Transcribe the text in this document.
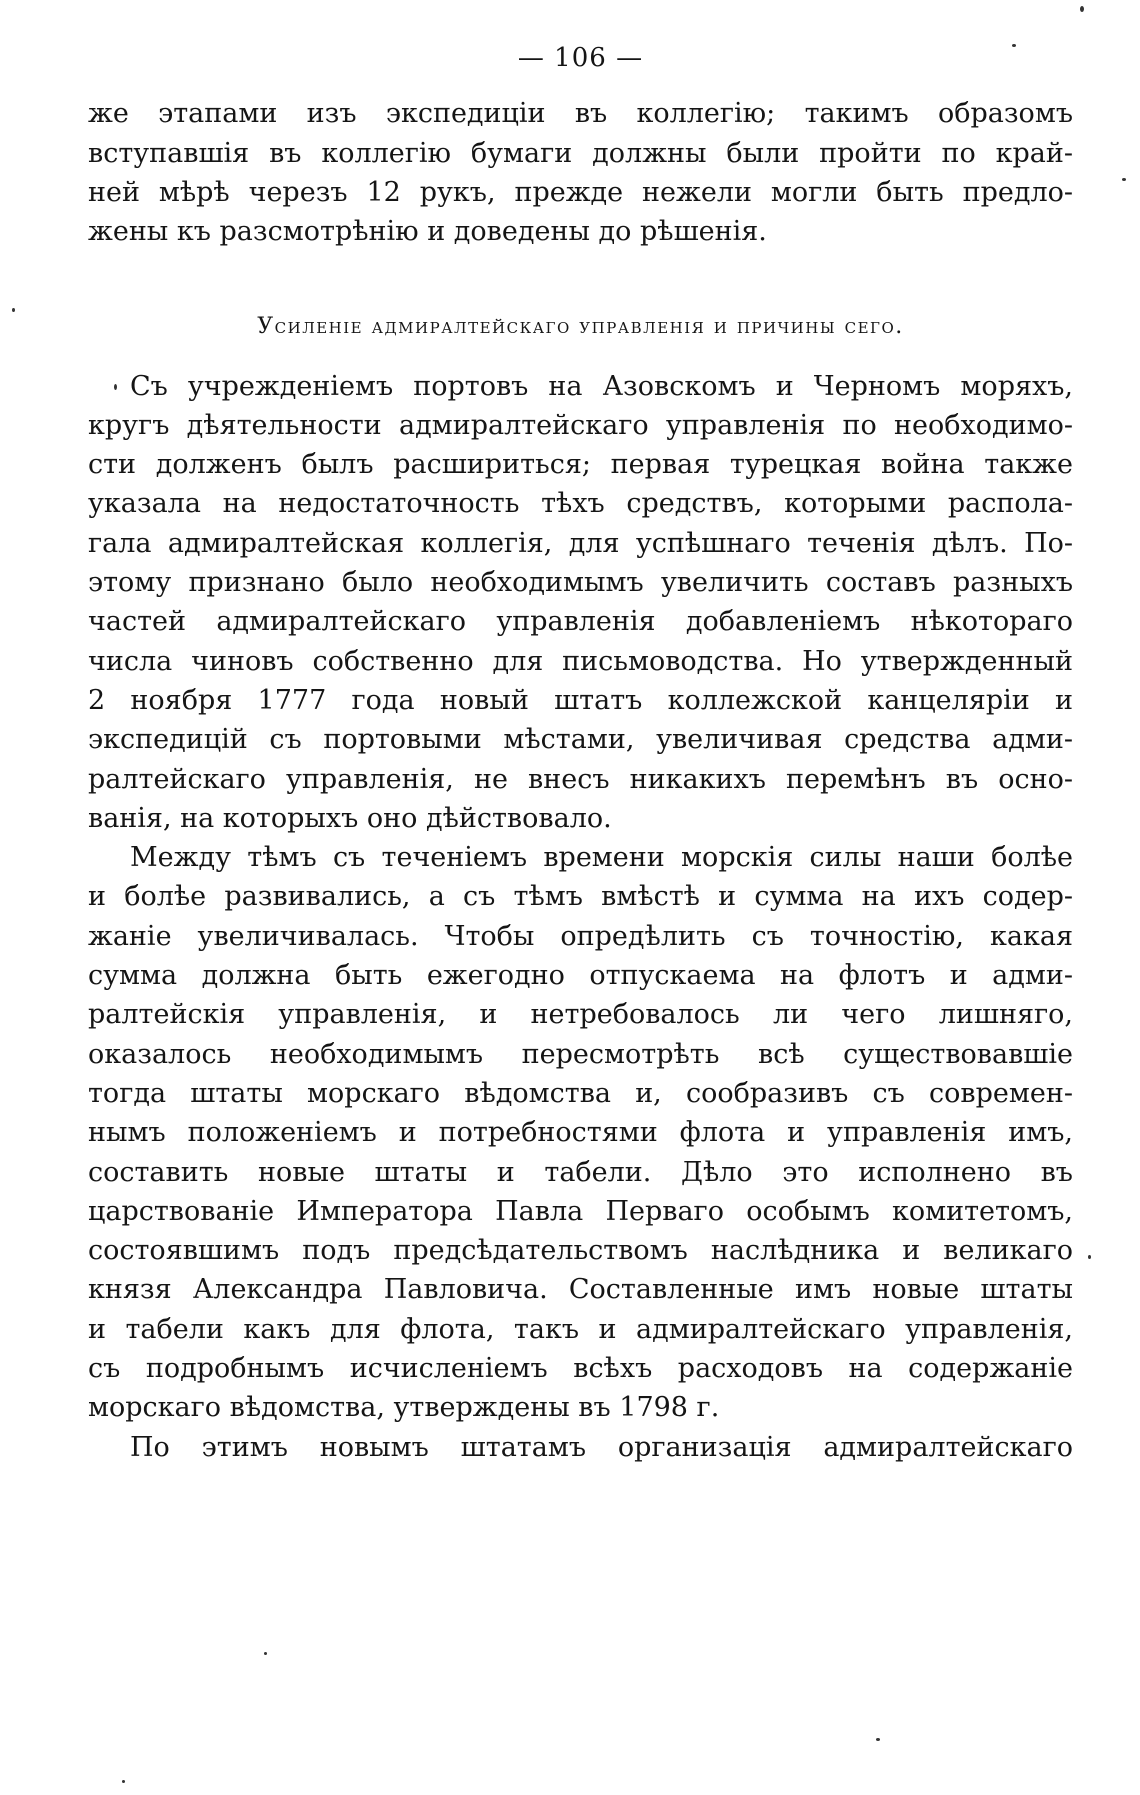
— 106 —
же этапами изъ экспедиціи въ коллегію; такимъ образомъ
вступавшія въ коллегію бумаги должны были пройти по край-
ней мѣрѣ черезъ 12 рукъ, прежде нежели могли быть предло-
жены къ разсмотрѣнію и доведены до рѣшенія.
Усиленіе адмиралтейскаго управленія и причины сего.
Съ учрежденіемъ портовъ на Азовскомъ и Черномъ моряхъ,
кругъ дѣятельности адмиралтейскаго управленія по необходимо-
сти долженъ былъ расшириться; первая турецкая война также
указала на недостаточность тѣхъ средствъ, которыми распола-
гала адмиралтейская коллегія, для успѣшнаго теченія дѣлъ. По-
этому признано было необходимымъ увеличить составъ разныхъ
частей адмиралтейскаго управленія добавленіемъ нѣкотораго
числа чиновъ собственно для письмоводства. Но утвержденный
2 ноября 1777 года новый штатъ коллежской канцеляріи и
экспедицій съ портовыми мѣстами, увеличивая средства адми-
ралтейскаго управленія, не внесъ никакихъ перемѣнъ въ осно-
ванія, на которыхъ оно дѣйствовало.
Между тѣмъ съ теченіемъ времени морскія силы наши болѣе
и болѣе развивались, а съ тѣмъ вмѣстѣ и сумма на ихъ содер-
жаніе увеличивалась. Чтобы опредѣлить съ точностію, какая
сумма должна быть ежегодно отпускаема на флотъ и адми-
ралтейскія управленія, и нетребовалось ли чего лишняго,
оказалось необходимымъ пересмотрѣть всѣ существовавшіе
тогда штаты морскаго вѣдомства и, сообразивъ съ современ-
нымъ положеніемъ и потребностями флота и управленія имъ,
составить новые штаты и табели. Дѣло это исполнено въ
царствованіе Императора Павла Перваго особымъ комитетомъ,
состоявшимъ подъ предсѣдательствомъ наслѣдника и великаго
князя Александра Павловича. Составленные имъ новые штаты
и табели какъ для флота, такъ и адмиралтейскаго управленія,
съ подробнымъ исчисленіемъ всѣхъ расходовъ на содержаніе
морскаго вѣдомства, утверждены въ 1798 г.
По этимъ новымъ штатамъ организація адмиралтейскаго
